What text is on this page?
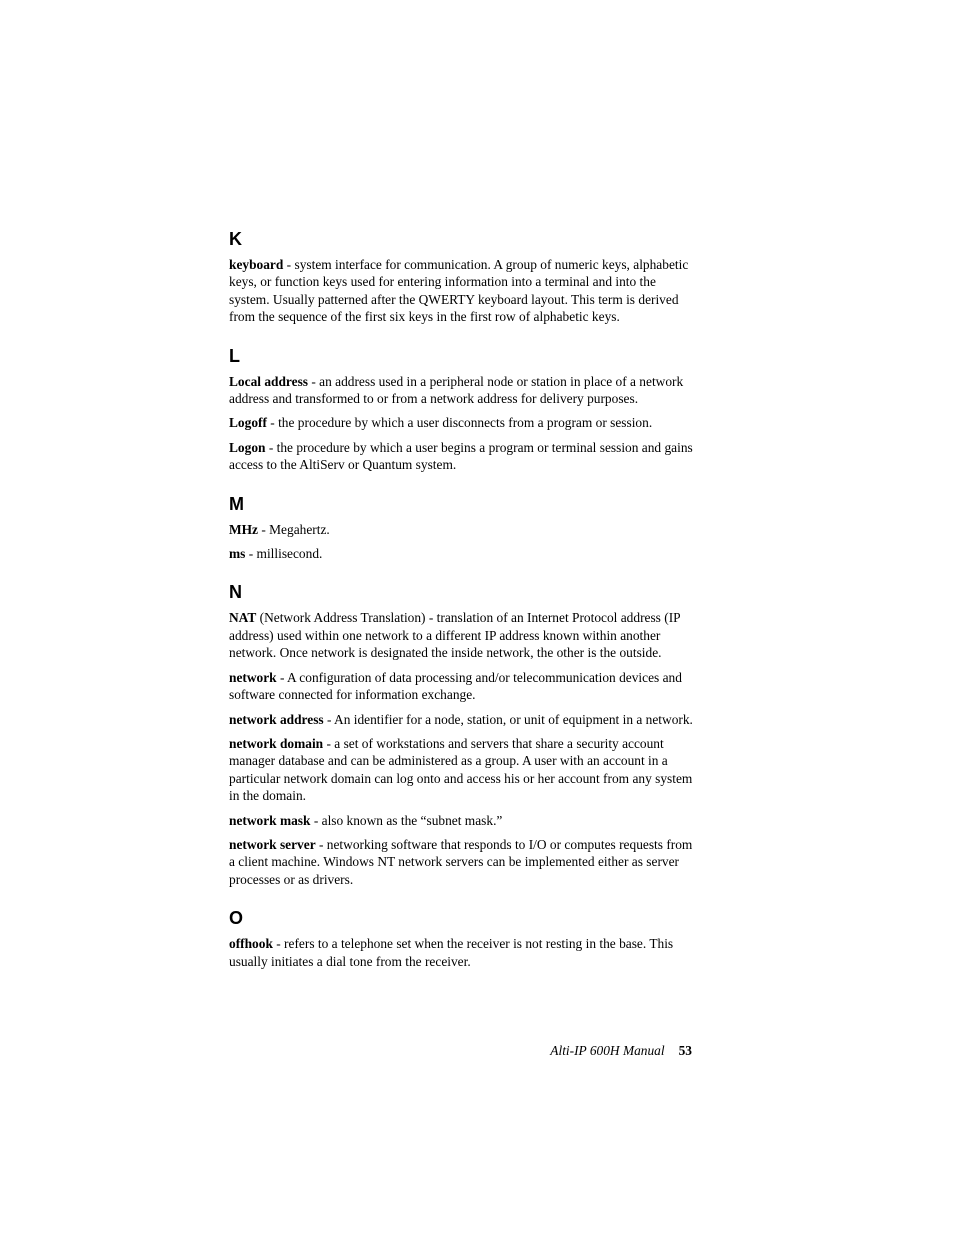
K

keyboard - system interface for communication. A group of numeric keys, alphabetic keys, or function keys used for entering information into a terminal and into the system. Usually patterned after the QWERTY keyboard layout. This term is derived from the sequence of the first six keys in the first row of alphabetic keys.

L

Local address - an address used in a peripheral node or station in place of a network address and transformed to or from a network address for delivery purposes.

Logoff - the procedure by which a user disconnects from a program or session.

Logon - the procedure by which a user begins a program or terminal session and gains access to the AltiServ or Quantum system.

M

MHz - Megahertz.

ms - millisecond.

N

NAT (Network Address Translation) - translation of an Internet Protocol address (IP address) used within one network to a different IP address known within another network. Once network is designated the inside network, the other is the outside.

network - A configuration of data processing and/or telecommunication devices and software connected for information exchange.

network address - An identifier for a node, station, or unit of equipment in a network.

network domain - a set of workstations and servers that share a security account manager database and can be administered as a group. A user with an account in a particular network domain can log onto and access his or her account from any system in the domain.

network mask - also known as the “subnet mask.”

network server - networking software that responds to I/O or computes requests from a client machine. Windows NT network servers can be implemented either as server processes or as drivers.

O

offhook - refers to a telephone set when the receiver is not resting in the base. This usually initiates a dial tone from the receiver.

Alti-IP 600H Manual 53
